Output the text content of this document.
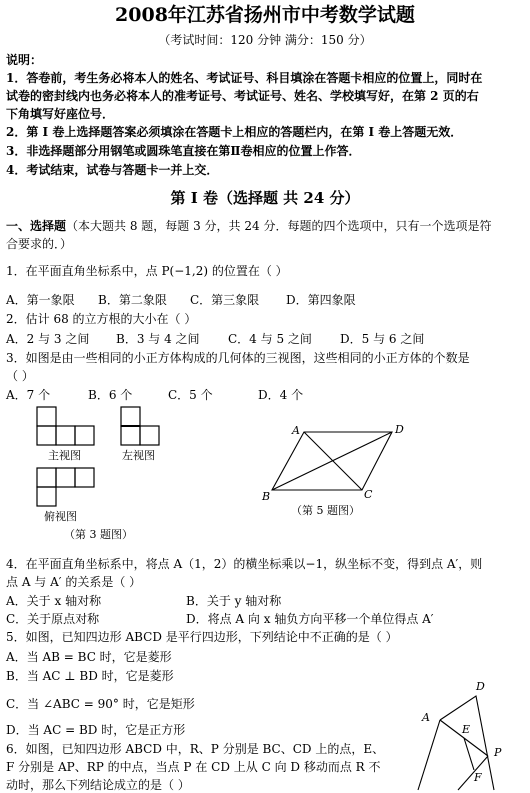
2008年江苏省扬州市中考数学试题
（考试时间：120 分钟 满分：150 分）
说明：
1．答卷前，考生务必将本人的姓名、考试证号、科目填涂在答题卡相应的位置上，同时在
试卷的密封线内也务必将本人的准考证号、考试证号、姓名、学校填写好，在第 2 页的右
下角填写好座位号．
2．第 I 卷上选择题答案必须填涂在答题卡上相应的答题栏内，在第 I 卷上答题无效．
3．非选择题部分用钢笔或圆珠笔直接在第Ⅱ卷相应的位置上作答．
4．考试结束，试卷与答题卡一并上交．
第 I 卷（选择题 共 24 分）
一、选择题（本大题共 8 题，每题 3 分，共 24 分．每题的四个选项中，只有一个选项是符
合要求的．）
1．在平面直角坐标系中，点 P(−1,2) 的位置在（ ）
A．第一象限 B．第二象限 C．第三象限 D．第四象限
2．估计 68 的立方根的大小在（ ）
A．2 与 3 之间 B．3 与 4 之间 C．4 与 5 之间 D．5 与 6 之间
3．如图是由一些相同的小正方体构成的几何体的三视图，这些相同的小正方体的个数是
（ ）
A．7 个	B．6 个	C．5 个	D．4 个
主视图	左视图
俯视图
（第 3 题图）
A	D
B	C
（第 5 题图）
4．在平面直角坐标系中，将点 A（1，2）的横坐标乘以−1，纵坐标不变，得到点 A′，则
点 A 与 A′ 的关系是（ ）
A．关于 x 轴对称	B．关于 y 轴对称
C．关于原点对称	D．将点 A 向 x 轴负方向平移一个单位得点 A′
5．如图，已知四边形 ABCD 是平行四边形，下列结论中不正确的是（ ）
A．当 AB = BC 时，它是菱形
B．当 AC ⊥ BD 时，它是菱形
C．当 ∠ABC = 90° 时，它是矩形
D．当 AC = BD 时，它是正方形
6．如图，已知四边形 ABCD 中，R、P 分别是 BC、CD 上的点，E、
F 分别是 AP、RP 的中点，当点 P 在 CD 上从 C 向 D 移动而点 R 不
动时，那么下列结论成立的是（ ）
D
A
E
P
F
